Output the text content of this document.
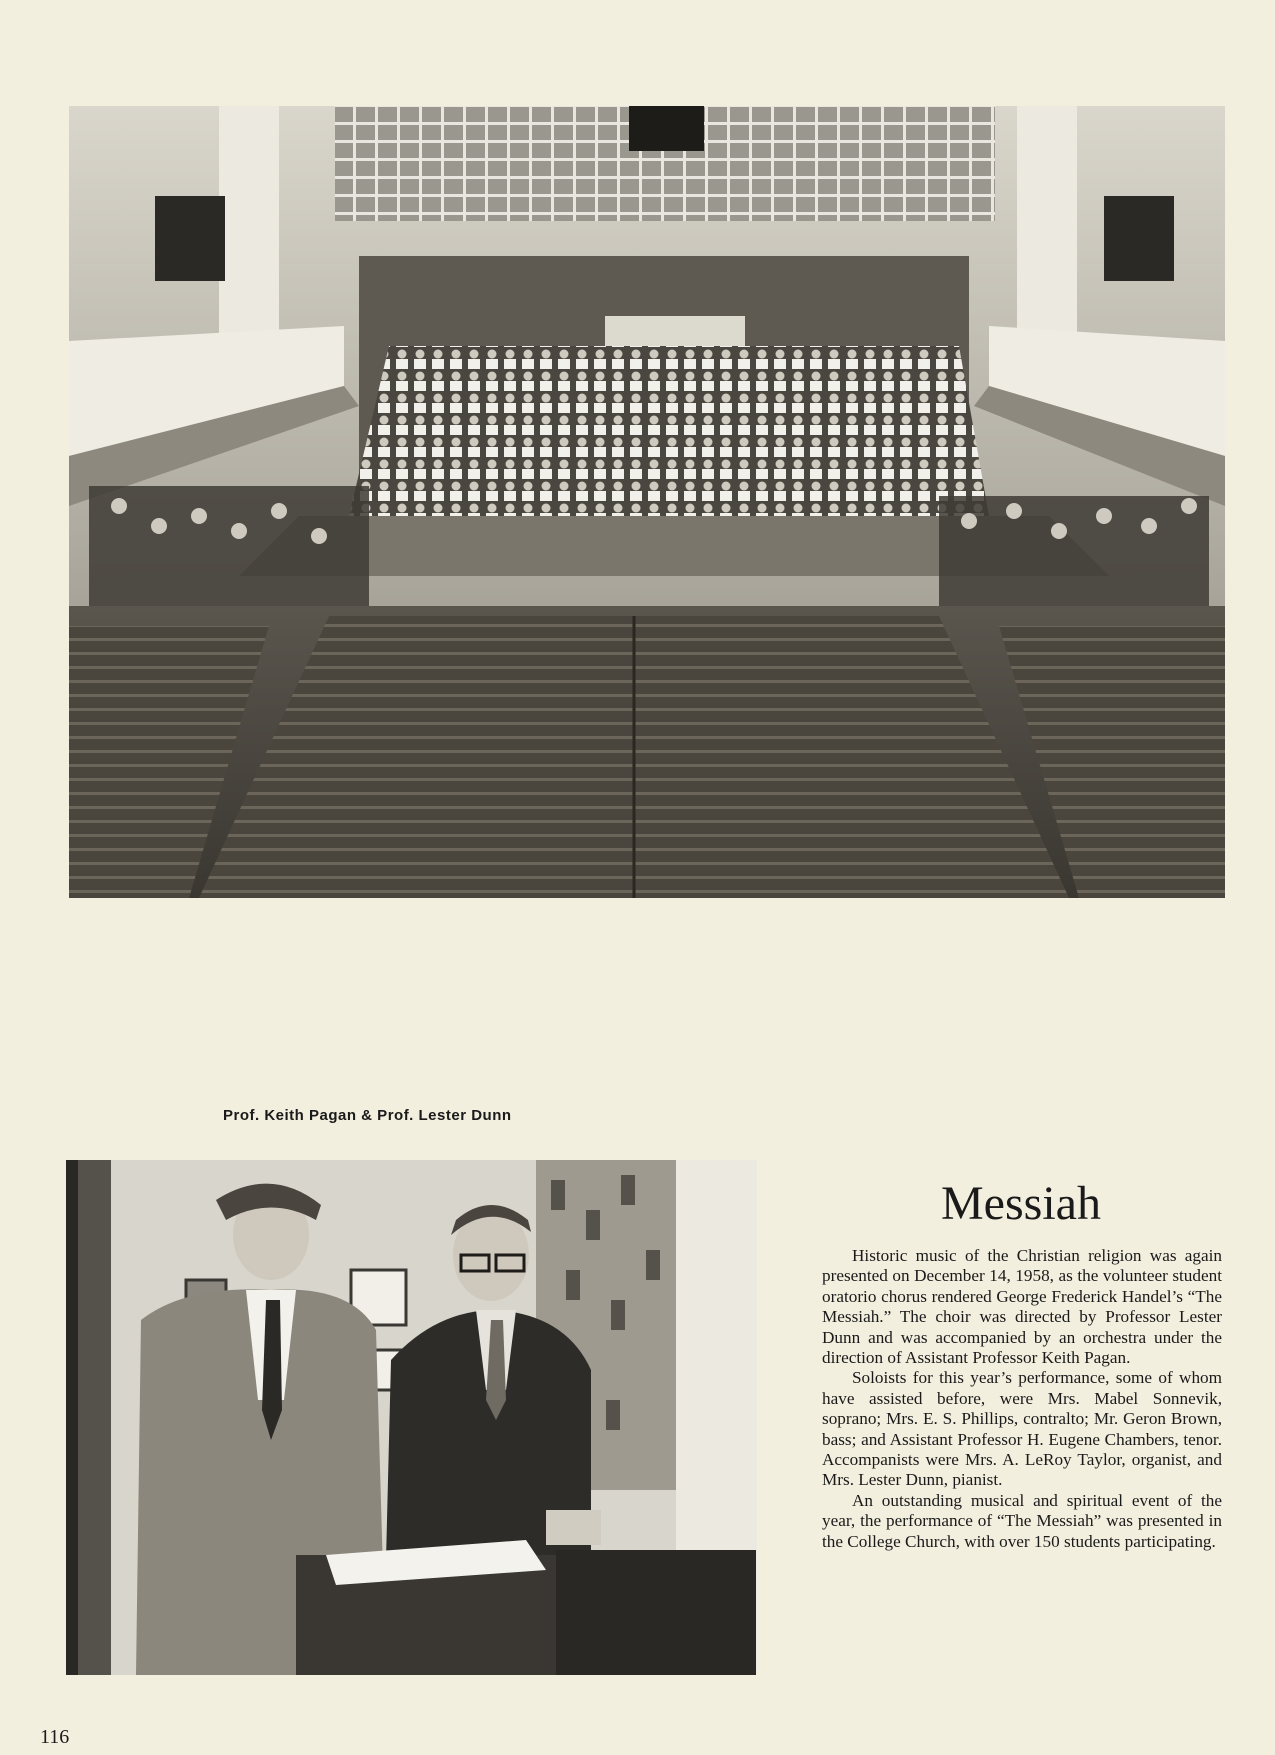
Prof. Keith Pagan & Prof. Lester Dunn
Messiah

Historic music of the Christian religion was again presented on December 14, 1958, as the volunteer student oratorio chorus rendered George Frederick Handel’s “The Messiah.” The choir was directed by Professor Lester Dunn and was accompanied by an orchestra under the direction of Assistant Professor Keith Pagan.

Soloists for this year’s performance, some of whom have assisted before, were Mrs. Mabel Sonnevik, soprano; Mrs. E. S. Phillips, contralto; Mr. Geron Brown, bass; and Assistant Professor H. Eugene Chambers, tenor. Accompanists were Mrs. A. LeRoy Taylor, organist, and Mrs. Lester Dunn, pianist.

An outstanding musical and spiritual event of the year, the performance of “The Messiah” was presented in the College Church, with over 150 students participating.

116
